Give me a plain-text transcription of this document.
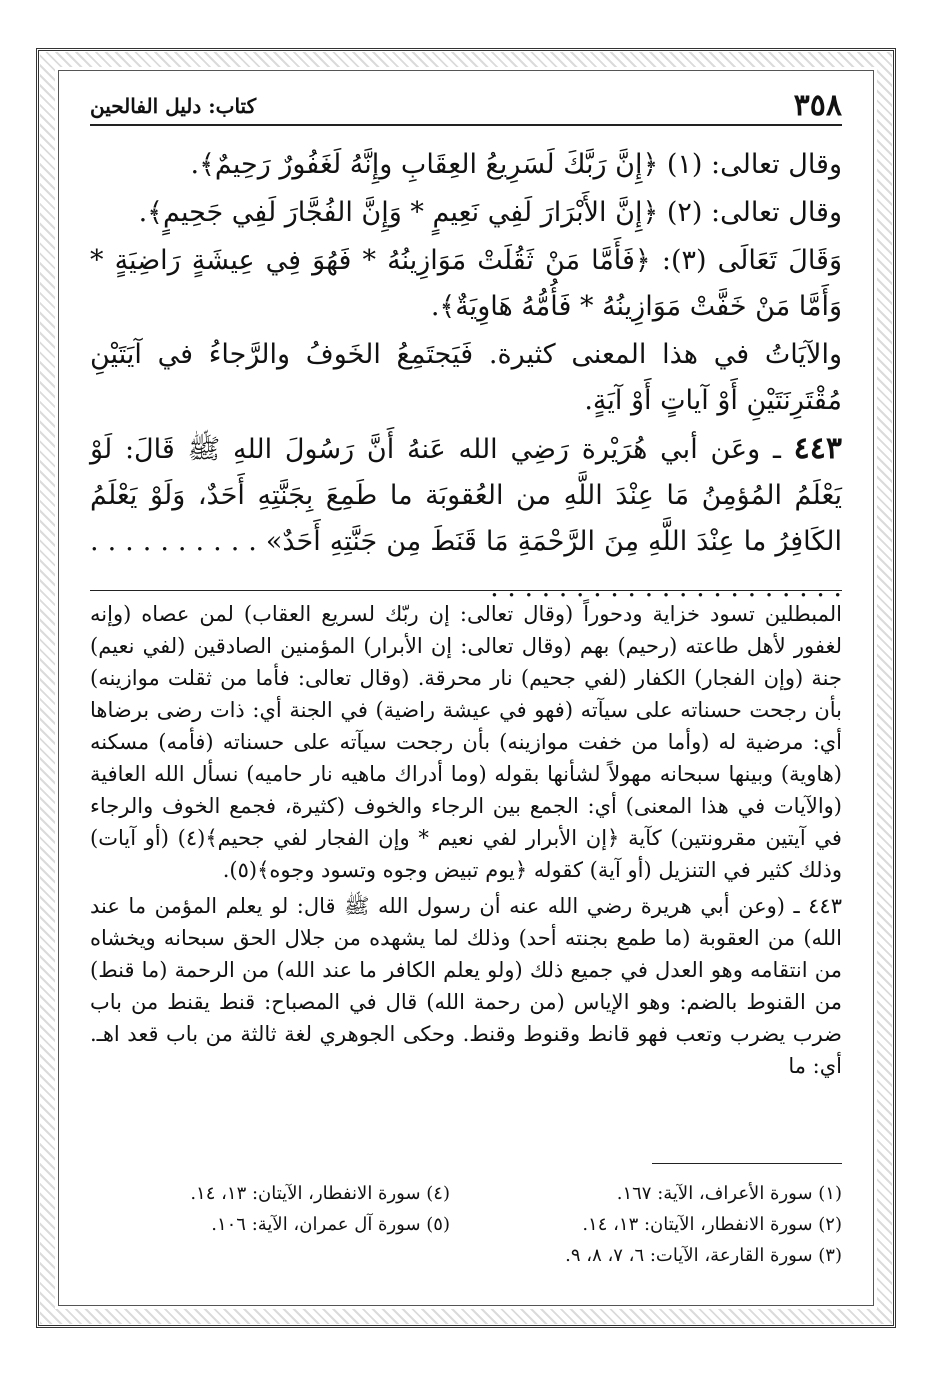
٣٥٨
كتاب: دليل الفالحين

وقال تعالى: (١) ﴿إِنَّ رَبَّكَ لَسَرِيعُ العِقَابِ وإِنَّهُ لَغَفُورٌ رَحِيمٌ﴾.

وقال تعالى: (٢) ﴿إِنَّ الأَبْرَارَ لَفِي نَعِيمٍ * وَإِنَّ الفُجَّارَ لَفِي جَحِيمٍ﴾.

وَقَالَ تَعَالَى (٣): ﴿فَأَمَّا مَنْ ثَقُلَتْ مَوَازِينُهُ * فَهُوَ فِي عِيشَةٍ رَاضِيَةٍ * وَأَمَّا مَنْ خَفَّتْ مَوَازِينُهُ * فَأُمُّهُ هَاوِيَةٌ﴾.

والآيَاتُ في هذا المعنى كثيرة. فَيَجتَمِعُ الخَوفُ والرَّجاءُ في آيَتَيْنِ مُقْتَرِنَتَيْنِ أَوْ آياتٍ أَوْ آيَةٍ.

٤٤٣ ـ وعَن أبي هُرَيْرة رَضِي الله عَنهُ أَنَّ رَسُولَ اللهِ ﷺ قَالَ: لَوْ يَعْلَمُ المُؤمِنُ مَا عِنْدَ اللَّهِ من العُقوبَة ما طَمِعَ بِجَنَّتِهِ أَحَدٌ، وَلَوْ يَعْلَمُ الكَافِرُ ما عِنْدَ اللَّهِ مِنَ الرَّحْمَةِ مَا قَنَطَ مِن جَنَّتِهِ أَحَدٌ» . . . . . . . . . . . . . . . . . . . . . . . . . . . . . . .

المبطلين تسود خزاية ودحوراً (وقال تعالى: إن ربّك لسريع العقاب) لمن عصاه (وإنه لغفور لأهل طاعته (رحيم) بهم (وقال تعالى: إن الأبرار) المؤمنين الصادقين (لفي نعيم) جنة (وإن الفجار) الكفار (لفي جحيم) نار محرقة. (وقال تعالى: فأما من ثقلت موازينه) بأن رجحت حسناته على سيآته (فهو في عيشة راضية) في الجنة أي: ذات رضى برضاها أي: مرضية له (وأما من خفت موازينه) بأن رجحت سيآته على حسناته (فأمه) مسكنه (هاوية) وبينها سبحانه مهولاً لشأنها بقوله (وما أدراك ماهيه نار حاميه) نسأل الله العافية (والآيات في هذا المعنى) أي: الجمع بين الرجاء والخوف (كثيرة، فجمع الخوف والرجاء في آيتين مقرونتين) كآية ﴿إن الأبرار لفي نعيم * وإن الفجار لفي جحيم﴾(٤) (أو آيات) وذلك كثير في التنزيل (أو آية) كقوله ﴿يوم تبيض وجوه وتسود وجوه﴾(٥).

٤٤٣ ـ (وعن أبي هريرة رضي الله عنه أن رسول الله ﷺ قال: لو يعلم المؤمن ما عند الله) من العقوبة (ما طمع بجنته أحد) وذلك لما يشهده من جلال الحق سبحانه ويخشاه من انتقامه وهو العدل في جميع ذلك (ولو يعلم الكافر ما عند الله) من الرحمة (ما قنط) من القنوط بالضم: وهو الإياس (من رحمة الله) قال في المصباح: قنط يقنط من باب ضرب يضرب وتعب فهو قانط وقنوط وقنط. وحكى الجوهري لغة ثالثة من باب قعد اهـ. أي: ما

(١) سورة الأعراف، الآية: ١٦٧.
(٢) سورة الانفطار، الآيتان: ١٣، ١٤.
(٣) سورة القارعة، الآيات: ٦، ٧، ٨، ٩.
(٤) سورة الانفطار، الآيتان: ١٣، ١٤.
(٥) سورة آل عمران، الآية: ١٠٦.
